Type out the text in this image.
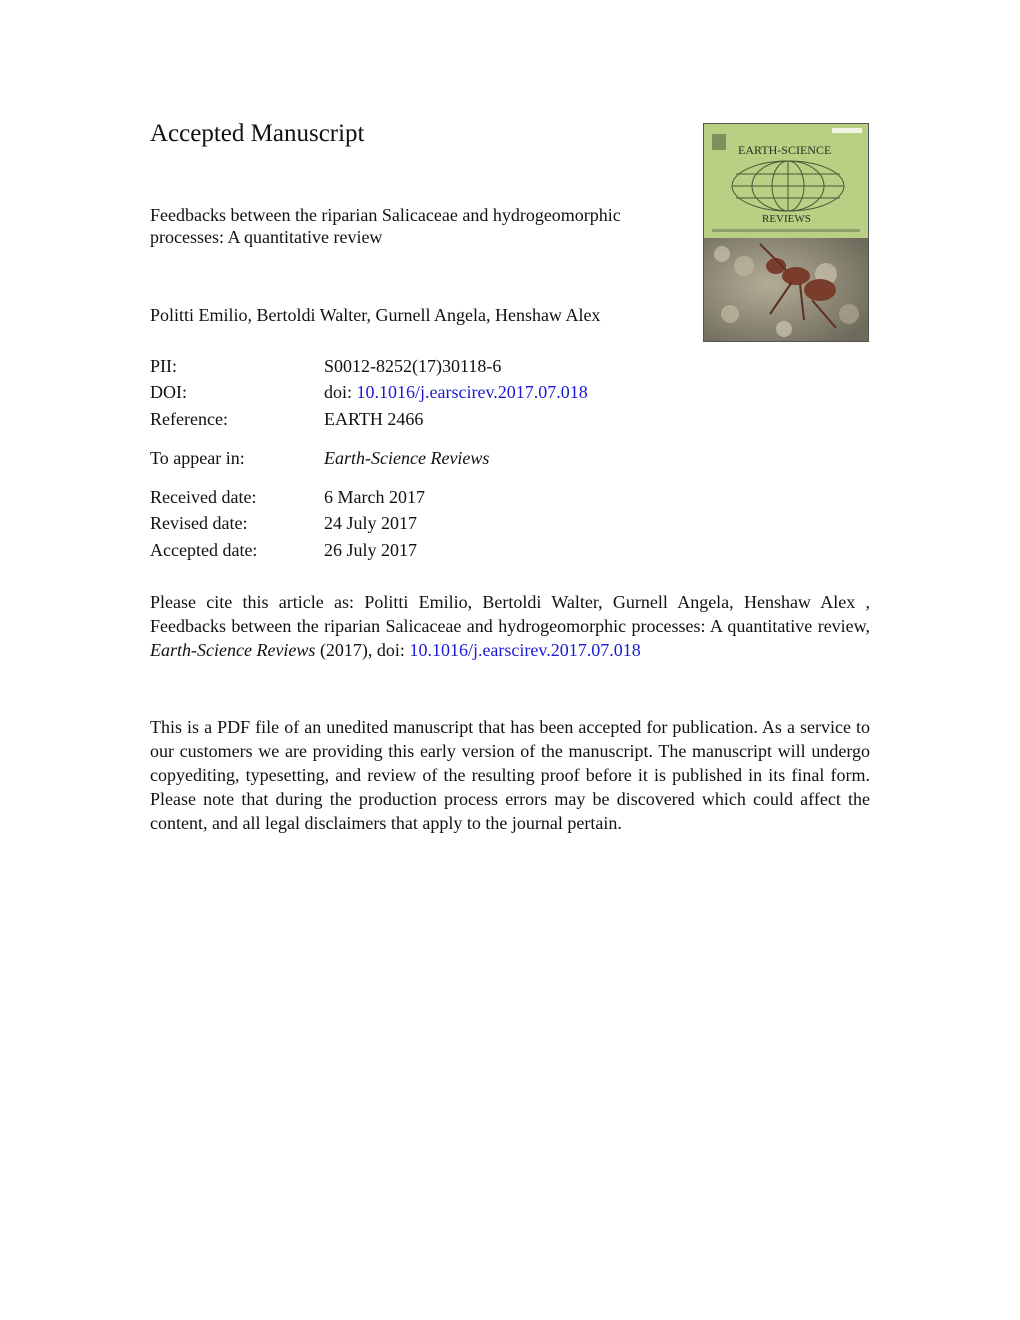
Accepted Manuscript
Feedbacks between the riparian Salicaceae and hydrogeomorphic processes: A quantitative review
Politti Emilio, Bertoldi Walter, Gurnell Angela, Henshaw Alex
EARTH-SCIENCE
REVIEWS
PII:	S0012-8252(17)30118-6
DOI:	doi: 10.1016/j.earscirev.2017.07.018
Reference:	EARTH 2466
To appear in:	Earth-Science Reviews
Received date:	6 March 2017
Revised date:	24 July 2017
Accepted date:	26 July 2017
Please cite this article as: Politti Emilio, Bertoldi Walter, Gurnell Angela, Henshaw Alex , Feedbacks between the riparian Salicaceae and hydrogeomorphic processes: A quantitative review, Earth-Science Reviews (2017), doi: 10.1016/j.earscirev.2017.07.018
This is a PDF file of an unedited manuscript that has been accepted for publication. As a service to our customers we are providing this early version of the manuscript. The manuscript will undergo copyediting, typesetting, and review of the resulting proof before it is published in its final form. Please note that during the production process errors may be discovered which could affect the content, and all legal disclaimers that apply to the journal pertain.
